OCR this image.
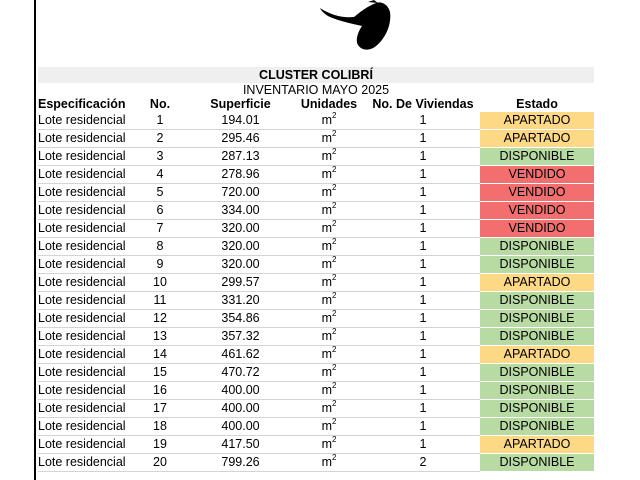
CLUSTER COLIBRÍ
INVENTARIO MAYO 2025
Especificación	No.	Superficie	Unidades	No. De Viviendas	Estado
Lote residencial	1	194.01	$m^2$	1	APARTADO
Lote residencial	2	295.46	$m^2$	1	APARTADO
Lote residencial	3	287.13	$m^2$	1	DISPONIBLE
Lote residencial	4	278.96	$m^2$	1	VENDIDO
Lote residencial	5	720.00	$m^2$	1	VENDIDO
Lote residencial	6	334.00	$m^2$	1	VENDIDO
Lote residencial	7	320.00	$m^2$	1	VENDIDO
Lote residencial	8	320.00	$m^2$	1	DISPONIBLE
Lote residencial	9	320.00	$m^2$	1	DISPONIBLE
Lote residencial	10	299.57	$m^2$	1	APARTADO
Lote residencial	11	331.20	$m^2$	1	DISPONIBLE
Lote residencial	12	354.86	$m^2$	1	DISPONIBLE
Lote residencial	13	357.32	$m^2$	1	DISPONIBLE
Lote residencial	14	461.62	$m^2$	1	APARTADO
Lote residencial	15	470.72	$m^2$	1	DISPONIBLE
Lote residencial	16	400.00	$m^2$	1	DISPONIBLE
Lote residencial	17	400.00	$m^2$	1	DISPONIBLE
Lote residencial	18	400.00	$m^2$	1	DISPONIBLE
Lote residencial	19	417.50	$m^2$	1	APARTADO
Lote residencial	20	799.26	$m^2$	2	DISPONIBLE
